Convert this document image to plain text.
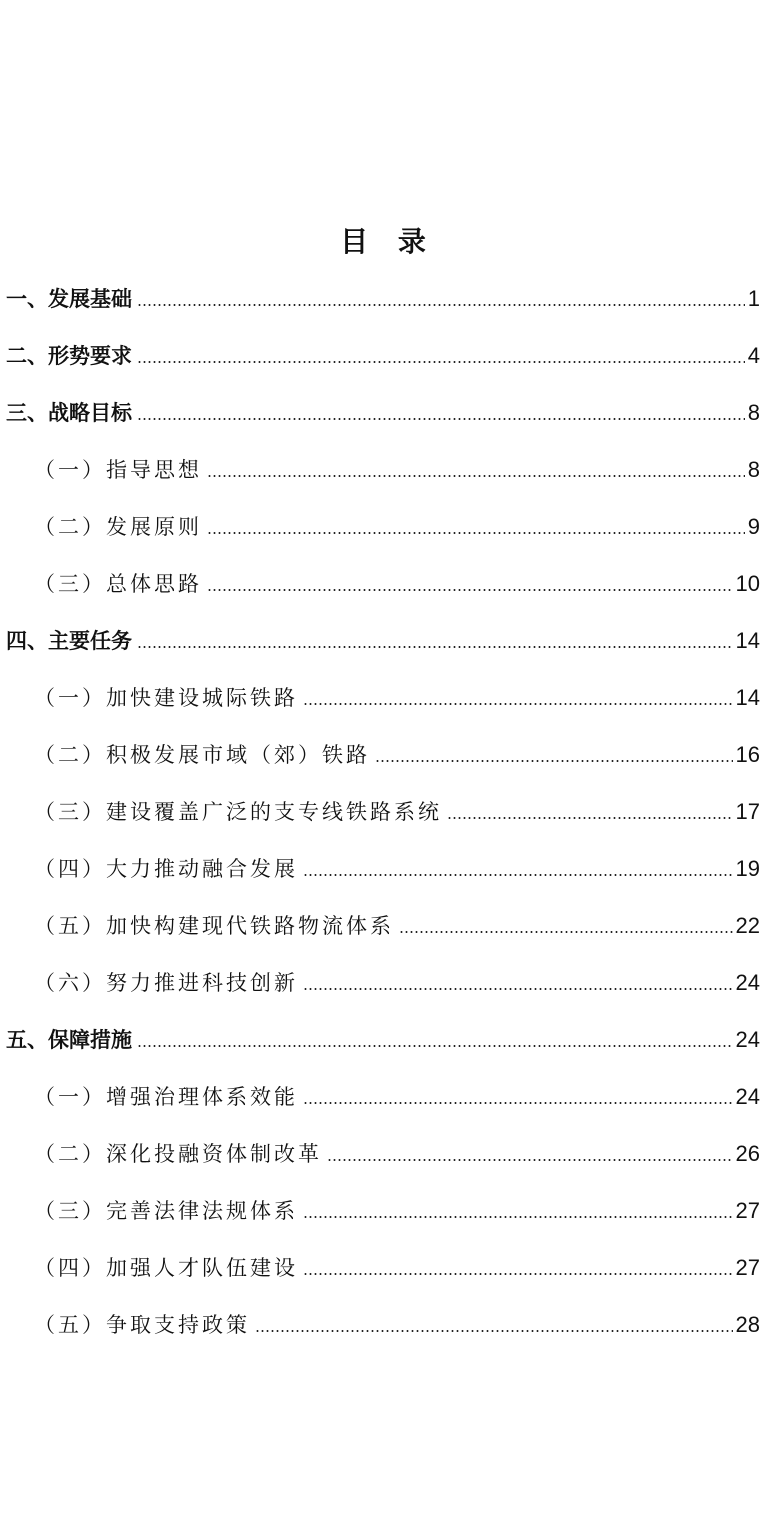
目 录
一、发展基础	1
二、形势要求	4
三、战略目标	8
（一）指导思想	8
（二）发展原则	9
（三）总体思路	10
四、主要任务	14
（一）加快建设城际铁路	14
（二）积极发展市域（郊）铁路	16
（三）建设覆盖广泛的支专线铁路系统	17
（四）大力推动融合发展	19
（五）加快构建现代铁路物流体系	22
（六）努力推进科技创新	24
五、保障措施	24
（一）增强治理体系效能	24
（二）深化投融资体制改革	26
（三）完善法律法规体系	27
（四）加强人才队伍建设	27
（五）争取支持政策	28
